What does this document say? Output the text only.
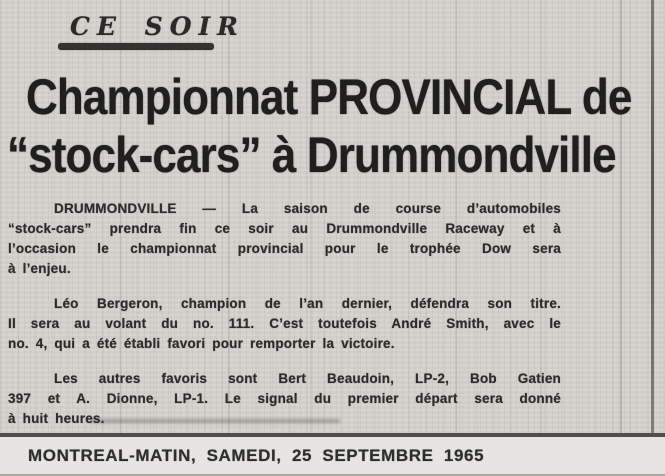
CE SOIR
Championnat PROVINCIAL de
“stock-cars” à Drummondville
DRUMMONDVILLE — La saison de course d’automobiles
“stock-cars” prendra fin ce soir au Drummondville Raceway et à
l’occasion le championnat provincial pour le trophée Dow sera
à l’enjeu.
Léo Bergeron, champion de l’an dernier, défendra son titre.
Il sera au volant du no. 111. C’est toutefois André Smith, avec le
no. 4, qui a été établi favori pour remporter la victoire.
Les autres favoris sont Bert Beaudoin, LP-2, Bob Gatien
397 et A. Dionne, LP-1. Le signal du premier départ sera donné
à huit heures.
MONTREAL-MATIN, SAMEDI, 25 SEPTEMBRE 1965
